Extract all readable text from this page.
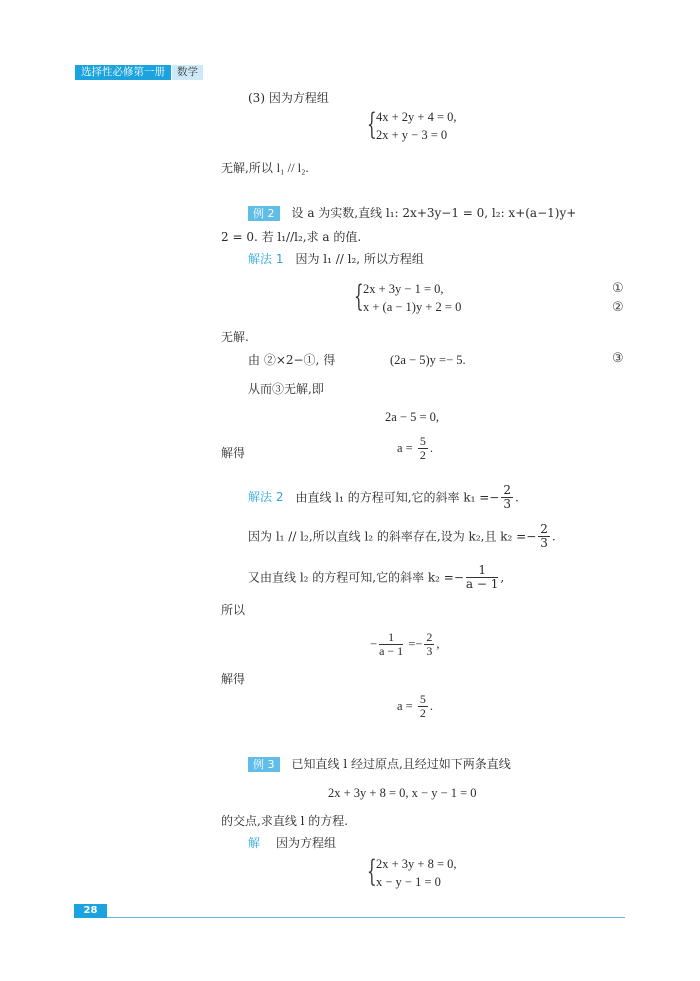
选择性必修第一册	数学
(3) 因为方程组
{ 4x + 2y + 4 = 0,
2x + y − 3 = 0
无解,所以 l₁ // l₂.
例 2 设 a 为实数,直线 l₁: 2x+3y−1 = 0, l₂: x+(a−1)y+
2 = 0. 若 l₁//l₂,求 a 的值.
解法 1 因为 l₁ // l₂, 所以方程组
{ 2x + 3y − 1 = 0,
x + (a − 1)y + 2 = 0
①
②
无解.
由 ②×2−①, 得	(2a − 5)y =− 5.	③
从而③无解,即
2a − 5 = 0,
解得	$a = \frac{5}{2}$ .
解法 2 由直线 l₁ 的方程可知,它的斜率 $k_1 =- \frac{2}{3}$ .
因为 l₁ // l₂,所以直线 l₂ 的斜率存在,设为 k₂,且 $k_2 =- \frac{2}{3}$ .
又由直线 l₂ 的方程可知,它的斜率 $k_2 =- \frac{1}{a - 1}$ ,
所以
− $\frac{1}{a - 1} =- \frac{2}{3}$ ,
解得
$a = \frac{5}{2}$ .
例 3 已知直线 l 经过原点,且经过如下两条直线
2x + 3y + 8 = 0, x − y − 1 = 0
的交点,求直线 l 的方程.
解 因为方程组
{ 2x + 3y + 8 = 0,
x − y − 1 = 0
28
